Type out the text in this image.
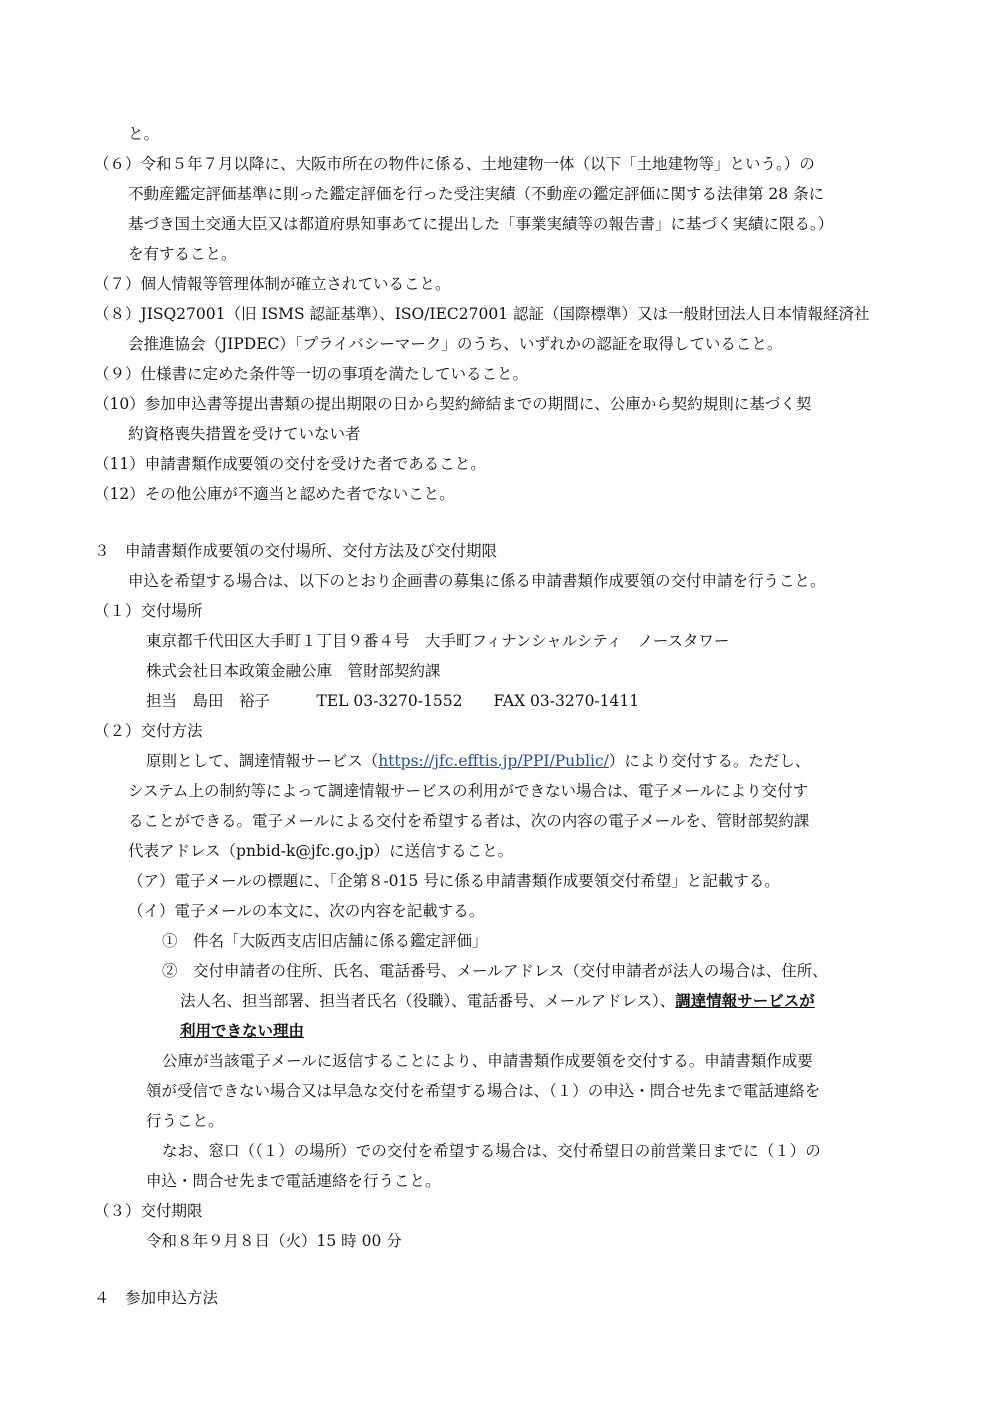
と。
（６）令和５年７月以降に、大阪市所在の物件に係る、土地建物一体（以下「土地建物等」という。）の
不動産鑑定評価基準に則った鑑定評価を行った受注実績（不動産の鑑定評価に関する法律第 28 条に
基づき国土交通大臣又は都道府県知事あてに提出した「事業実績等の報告書」に基づく実績に限る。）
を有すること。
（７）個人情報等管理体制が確立されていること。
（８）JISQ27001（旧 ISMS 認証基準）、ISO/IEC27001 認証（国際標準）又は一般財団法人日本情報経済社
会推進協会（JIPDEC）「プライバシーマーク」のうち、いずれかの認証を取得していること。
（９）仕様書に定めた条件等一切の事項を満たしていること。
（10）参加申込書等提出書類の提出期限の日から契約締結までの期間に、公庫から契約規則に基づく契
約資格喪失措置を受けていない者
（11）申請書類作成要領の交付を受けた者であること。
（12）その他公庫が不適当と認めた者でないこと。
３　申請書類作成要領の交付場所、交付方法及び交付期限
申込を希望する場合は、以下のとおり企画書の募集に係る申請書類作成要領の交付申請を行うこと。
（１）交付場所
東京都千代田区大手町１丁目９番４号　大手町フィナンシャルシティ　ノースタワー
株式会社日本政策金融公庫　管財部契約課
担当　島田　裕子　　　TEL 03-3270-1552　　FAX 03-3270-1411
（２）交付方法
原則として、調達情報サービス（https://jfc.efftis.jp/PPI/Public/）により交付する。ただし、
システム上の制約等によって調達情報サービスの利用ができない場合は、電子メールにより交付す
ることができる。電子メールによる交付を希望する者は、次の内容の電子メールを、管財部契約課
代表アドレス（pnbid-k@jfc.go.jp）に送信すること。
（ア）電子メールの標題に、「企第８-015 号に係る申請書類作成要領交付希望」と記載する。
（イ）電子メールの本文に、次の内容を記載する。
①　件名「大阪西支店旧店舗に係る鑑定評価」
②　交付申請者の住所、氏名、電話番号、メールアドレス（交付申請者が法人の場合は、住所、
法人名、担当部署、担当者氏名（役職）、電話番号、メールアドレス）、調達情報サービスが
利用できない理由
公庫が当該電子メールに返信することにより、申請書類作成要領を交付する。申請書類作成要
領が受信できない場合又は早急な交付を希望する場合は、（１）の申込・問合せ先まで電話連絡を
行うこと。
なお、窓口（（１）の場所）での交付を希望する場合は、交付希望日の前営業日までに（１）の
申込・問合せ先まで電話連絡を行うこと。
（３）交付期限
令和８年９月８日（火）15 時 00 分
４　参加申込方法
